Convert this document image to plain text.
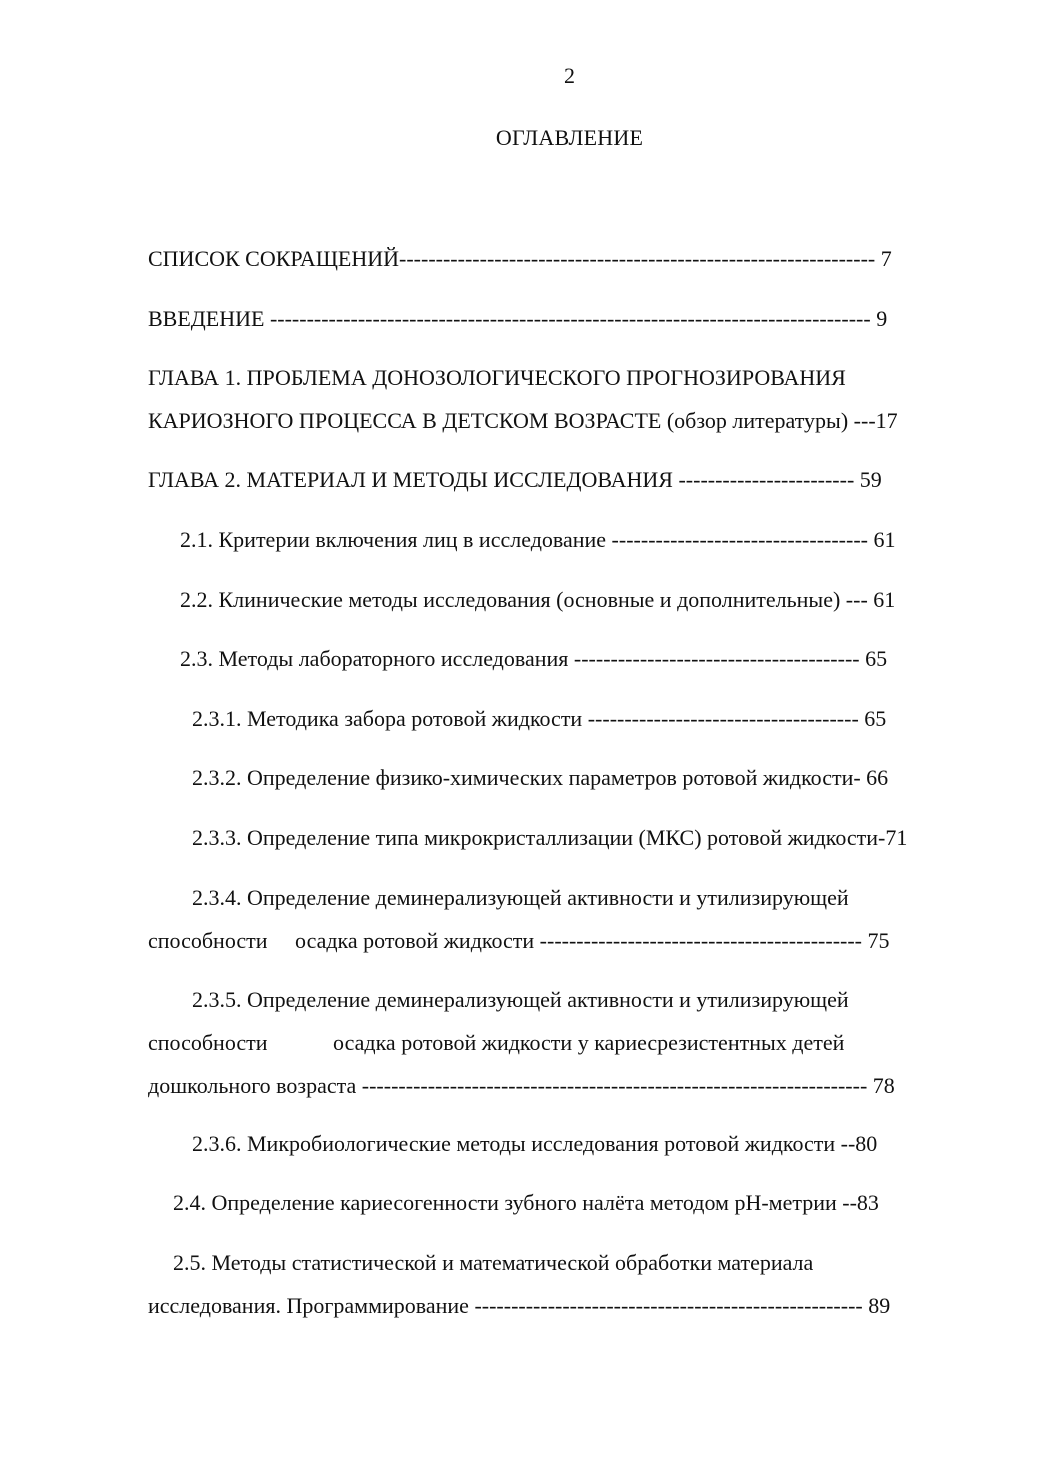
2
ОГЛАВЛЕНИЕ
СПИСОК СОКРАЩЕНИЙ----------------------------------------------------------------- 7
ВВЕДЕНИЕ ---------------------------------------------------------------------------------- 9
ГЛАВА 1. ПРОБЛЕМА ДОНОЗОЛОГИЧЕСКОГО ПРОГНОЗИРОВАНИЯ
КАРИОЗНОГО ПРОЦЕССА В ДЕТСКОМ ВОЗРАСТЕ (обзор литературы) ---17
ГЛАВА 2. МАТЕРИАЛ И МЕТОДЫ ИССЛЕДОВАНИЯ ------------------------ 59
2.1. Критерии включения лиц в исследование ----------------------------------- 61
2.2. Клинические методы исследования (основные и дополнительные) --- 61
2.3. Методы лабораторного исследования --------------------------------------- 65
2.3.1. Методика забора ротовой жидкости ------------------------------------- 65
2.3.2. Определение физико-химических параметров ротовой жидкости- 66
2.3.3. Определение типа микрокристаллизации (МКС) ротовой жидкости-71
2.3.4. Определение деминерализующей активности и утилизирующей
способности     осадка ротовой жидкости -------------------------------------------- 75
2.3.5. Определение деминерализующей активности и утилизирующей
способности	осадка ротовой жидкости у кариесрезистентных детей
дошкольного возраста --------------------------------------------------------------------- 78
2.3.6. Микробиологические методы исследования ротовой жидкости --80
2.4. Определение кариесогенности зубного налёта методом рН-метрии --83
2.5. Методы статистической и математической обработки материала
исследования. Программирование ----------------------------------------------------- 89
